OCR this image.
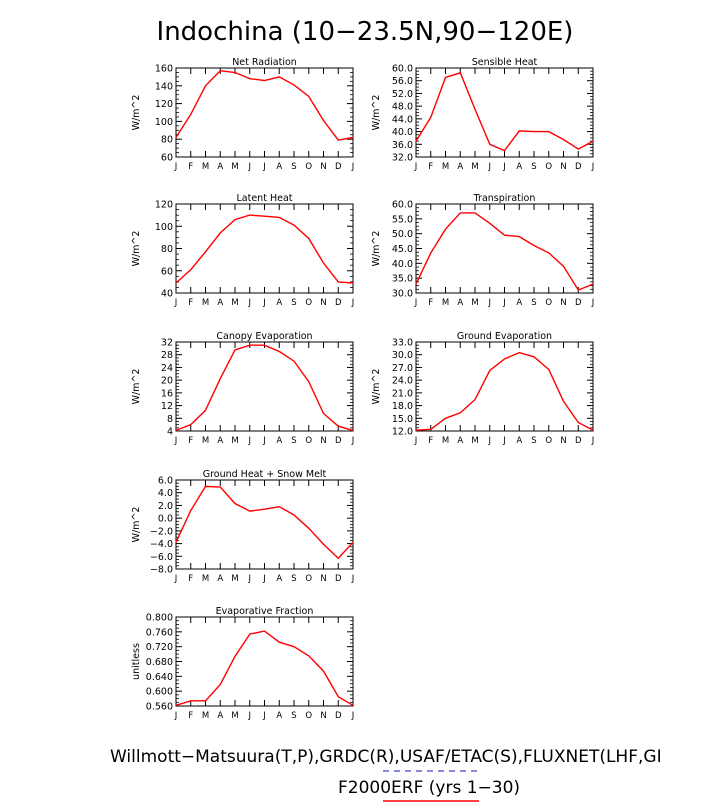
Indochina (10−23.5N,90−120E)
Net Radiation
60
80
100
120
140
160
J F M A M J J A S O N D J
W/m^2
Sensible Heat
32.0
36.0
40.0
44.0
48.0
52.0
56.0
60.0
J F M A M J J A S O N D J
W/m^2
Latent Heat
40
60
80
100
120
J F M A M J J A S O N D J
W/m^2
Transpiration
30.0
35.0
40.0
45.0
50.0
55.0
60.0
J F M A M J J A S O N D J
W/m^2
Canopy Evaporation
4
8
12
16
20
24
28
32
J F M A M J J A S O N D J
W/m^2
Ground Evaporation
12.0
15.0
18.0
21.0
24.0
27.0
30.0
33.0
J F M A M J J A S O N D J
W/m^2
Ground Heat + Snow Melt
−8.0
−6.0
−4.0
−2.0
0.0
2.0
4.0
6.0
J F M A M J J A S O N D J
W/m^2
Evaporative Fraction
0.560
0.600
0.640
0.680
0.720
0.760
0.800
J F M A M J J A S O N D J
unitless
Willmott−Matsuura(T,P),GRDC(R),USAF/ETAC(S),FLUXNET(LHF,GI
F2000ERF (yrs 1−30)
